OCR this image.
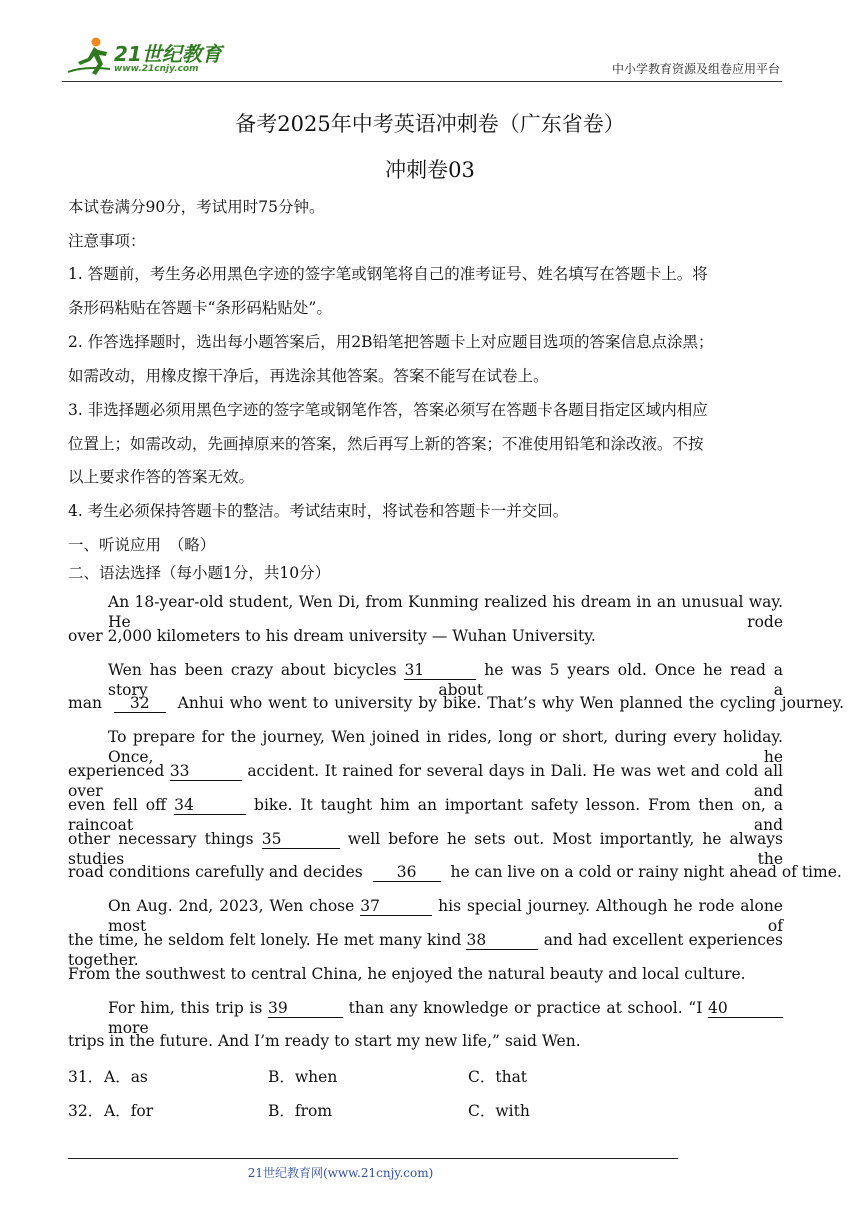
21世纪教育
www.21cnjy.com	中小学教育资源及组卷应用平台
备考2025年中考英语冲刺卷（广东省卷）
冲刺卷03
本试卷满分90分，考试用时75分钟。
注意事项：
1. 答题前，考生务必用黑色字迹的签字笔或钢笔将自己的准考证号、姓名填写在答题卡上。将
条形码粘贴在答题卡“条形码粘贴处”。
2. 作答选择题时，选出每小题答案后，用2B铅笔把答题卡上对应题目选项的答案信息点涂黑；
如需改动，用橡皮擦干净后，再选涂其他答案。答案不能写在试卷上。
3. 非选择题必须用黑色字迹的签字笔或钢笔作答，答案必须写在答题卡各题目指定区域内相应
位置上；如需改动，先画掉原来的答案，然后再写上新的答案；不准使用铅笔和涂改液。不按
以上要求作答的答案无效。
4. 考生必须保持答题卡的整洁。考试结束时，将试卷和答题卡一并交回。
一、听说应用　（略）
二、语法选择（每小题1分，共10分）
An 18-year-old student, Wen Di, from Kunming realized his dream in an unusual way. He rode
over 2,000 kilometers to his dream university — Wuhan University.
Wen has been crazy about bicycles 31	he was 5 years old. Once he read a story about a
man 32 Anhui who went to university by bike. That’s why Wen planned the cycling journey.
To prepare for the journey, Wen joined in rides, long or short, during every holiday. Once, he
experienced 33	accident. It rained for several days in Dali. He was wet and cold all over and
even fell off 34	bike. It taught him an important safety lesson. From then on, a raincoat and
other necessary things 35	well before he sets out. Most importantly, he always studies the
road conditions carefully and decides 36 he can live on a cold or rainy night ahead of time.
On Aug. 2nd, 2023, Wen chose 37	his special journey. Although he rode alone most of
the time, he seldom felt lonely. He met many kind 38	and had excellent experiences together.
From the southwest to central China, he enjoyed the natural beauty and local culture.
For him, this trip is 39	than any knowledge or practice at school. “I 40 more
trips in the future. And I’m ready to start my new life,” said Wen.
31． A．as	B．when	C．that
32． A．for	B．from	C．with
21世纪教育网(www.21cnjy.com)
